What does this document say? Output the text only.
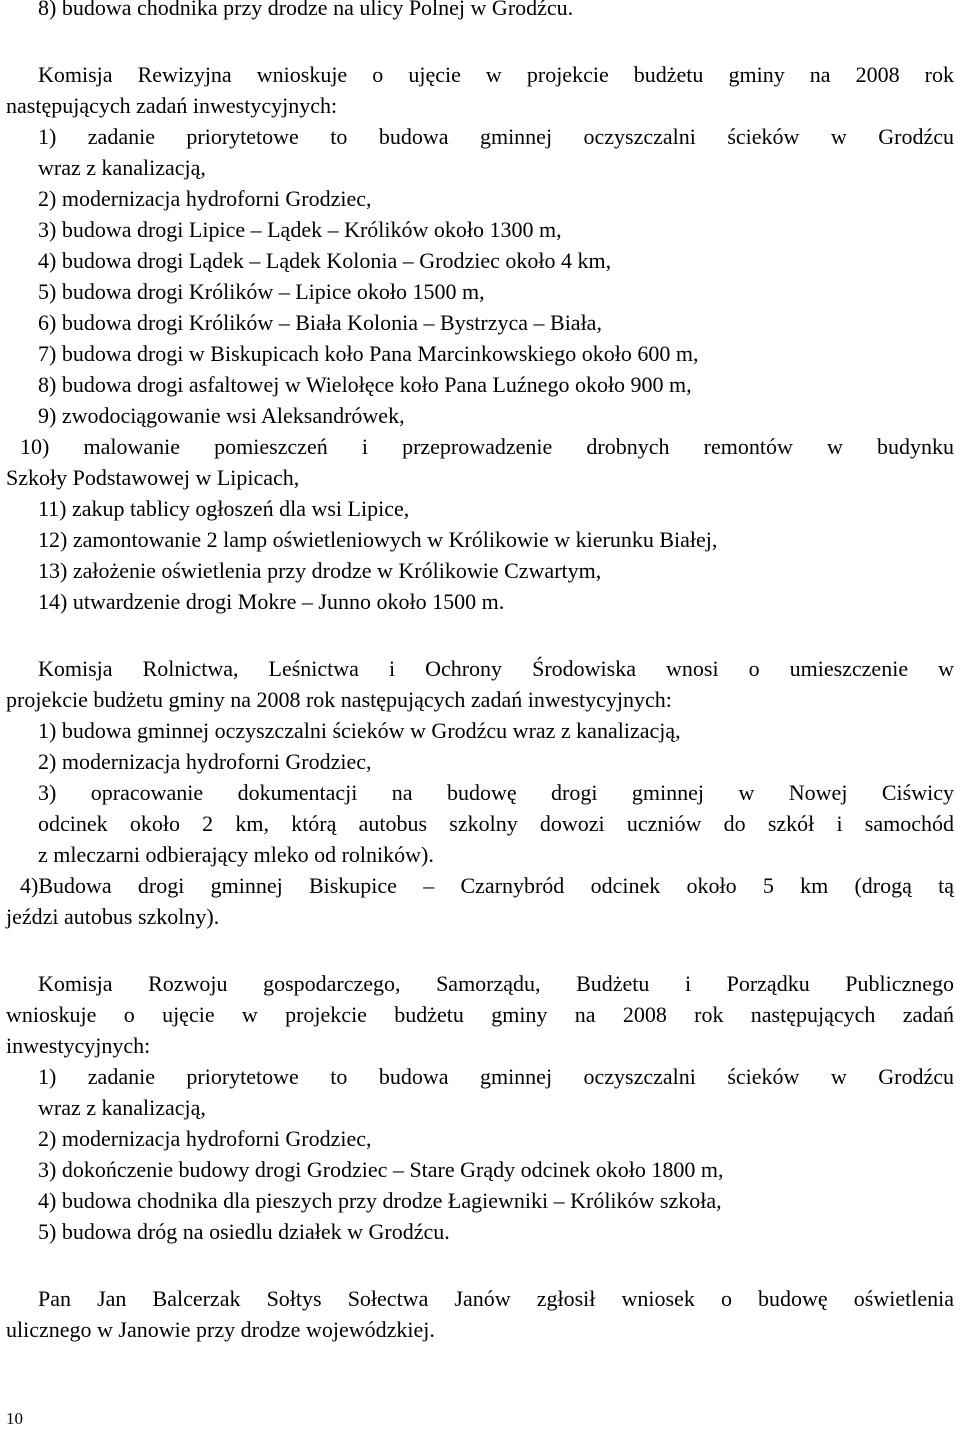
8) budowa chodnika przy drodze na ulicy Polnej w Grodźcu.
Komisja Rewizyjna wnioskuje o ujęcie w projekcie budżetu gminy na 2008 rok
następujących zadań inwestycyjnych:
1) zadanie priorytetowe to budowa gminnej oczyszczalni ścieków w Grodźcu
wraz z kanalizacją,
2) modernizacja hydroforni Grodziec,
3) budowa drogi Lipice – Lądek – Królików około 1300 m,
4) budowa drogi Lądek – Lądek Kolonia – Grodziec około 4 km,
5) budowa drogi Królików – Lipice około 1500 m,
6) budowa drogi Królików – Biała Kolonia – Bystrzyca – Biała,
7) budowa drogi w Biskupicach koło Pana Marcinkowskiego około 600 m,
8) budowa drogi asfaltowej w Wielołęce koło Pana Luźnego około 900 m,
9) zwodociągowanie wsi Aleksandrówek,
10) malowanie pomieszczeń i przeprowadzenie drobnych remontów w budynku
Szkoły Podstawowej w Lipicach,
11) zakup tablicy ogłoszeń dla wsi Lipice,
12) zamontowanie 2 lamp oświetleniowych w Królikowie w kierunku Białej,
13) założenie oświetlenia przy drodze w Królikowie Czwartym,
14) utwardzenie drogi Mokre – Junno około 1500 m.
Komisja Rolnictwa, Leśnictwa i Ochrony Środowiska wnosi o umieszczenie w
projekcie budżetu gminy na 2008 rok następujących zadań inwestycyjnych:
1) budowa gminnej oczyszczalni ścieków w Grodźcu wraz z kanalizacją,
2) modernizacja hydroforni Grodziec,
3) opracowanie dokumentacji na budowę drogi gminnej w Nowej Ciświcy
odcinek około 2 km, którą autobus szkolny dowozi uczniów do szkół i samochód
z mleczarni odbierający mleko od rolników).
4)Budowa drogi gminnej Biskupice – Czarnybród odcinek około 5 km (drogą tą
jeździ autobus szkolny).
Komisja Rozwoju gospodarczego, Samorządu, Budżetu i Porządku Publicznego
wnioskuje o ujęcie w projekcie budżetu gminy na 2008 rok następujących zadań
inwestycyjnych:
1) zadanie priorytetowe to budowa gminnej oczyszczalni ścieków w Grodźcu
wraz z kanalizacją,
2) modernizacja hydroforni Grodziec,
3) dokończenie budowy drogi Grodziec – Stare Grądy odcinek około 1800 m,
4) budowa chodnika dla pieszych przy drodze Łagiewniki – Królików szkoła,
5) budowa dróg na osiedlu działek w Grodźcu.
Pan Jan Balcerzak Sołtys Sołectwa Janów zgłosił wniosek o budowę oświetlenia
ulicznego w Janowie przy drodze wojewódzkiej.
10
